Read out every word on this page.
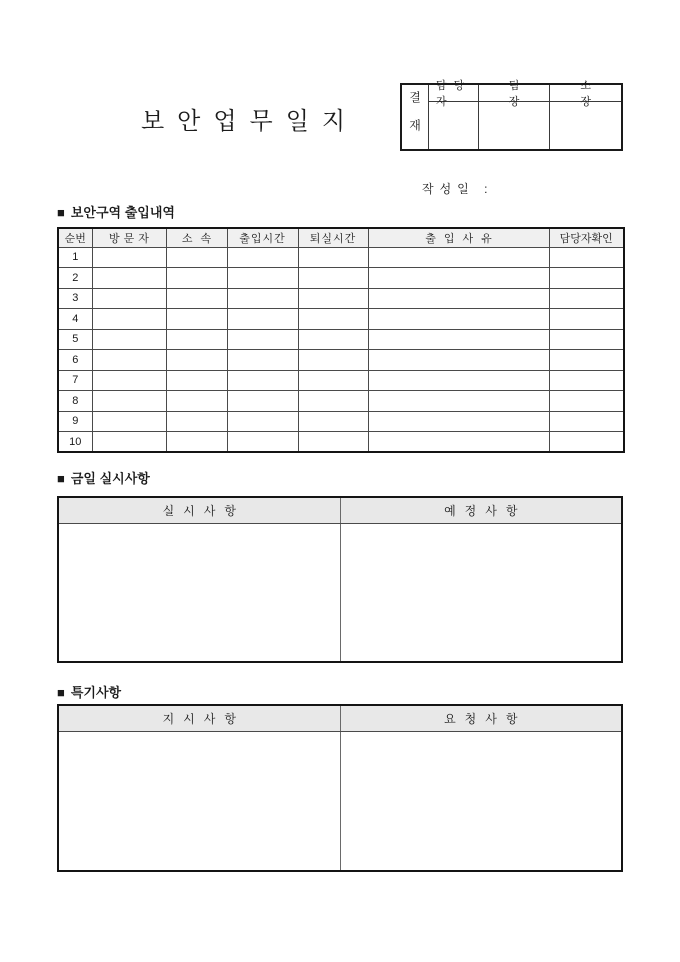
보안업무일지	결재
담당자
팀장
소장
작성일 :
■ 보안구역 출입내역
순번	방문자	소속	출입시간	퇴실시간	출입사유	담당자확인
1						
2						
3						
4						
5						
6						
7						
8						
9						
10						
■ 금일 실시사항
실시사항	예정사항
■ 특기사항
지시사항	요청사항
